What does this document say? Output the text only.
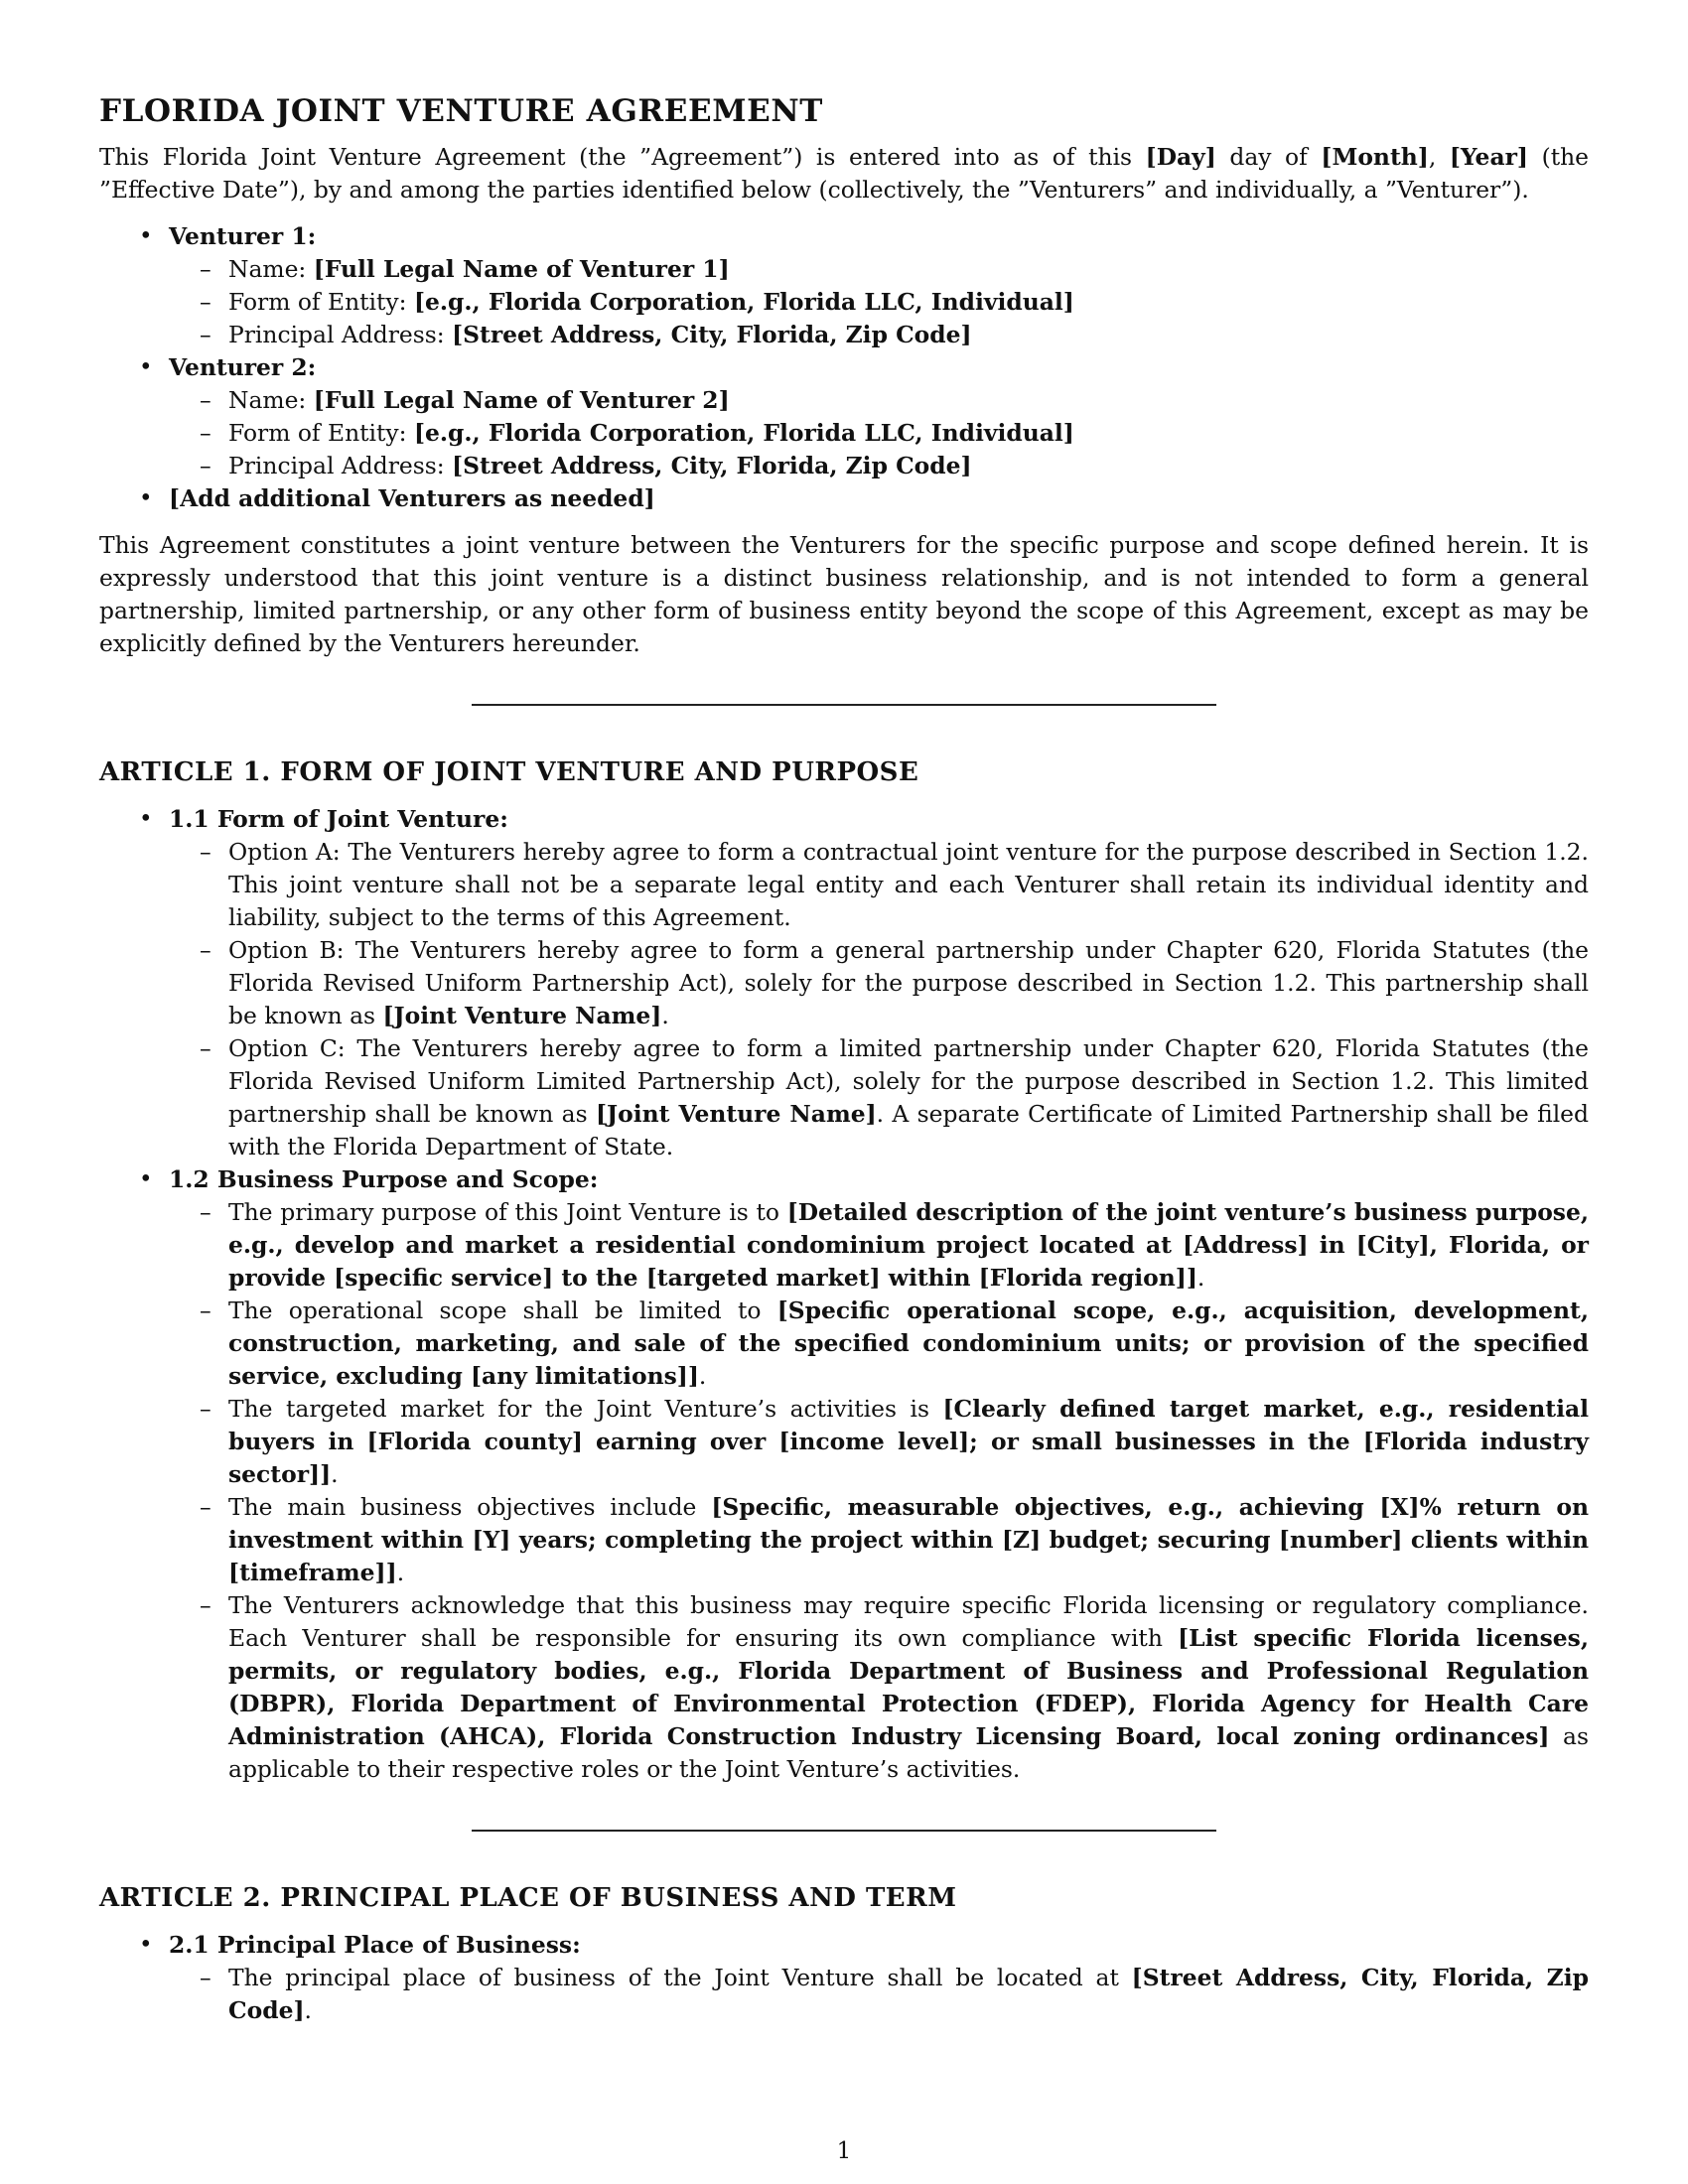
FLORIDA JOINT VENTURE AGREEMENT

This Florida Joint Venture Agreement (the ”Agreement”) is entered into as of this [Day] day of [Month], [Year] (the ”Effective Date”), by and among the parties identified below (collectively, the ”Venturers” and individually, a ”Venturer”).

• Venturer 1:
– Name: [Full Legal Name of Venturer 1]
– Form of Entity: [e.g., Florida Corporation, Florida LLC, Individual]
– Principal Address: [Street Address, City, Florida, Zip Code]
• Venturer 2:
– Name: [Full Legal Name of Venturer 2]
– Form of Entity: [e.g., Florida Corporation, Florida LLC, Individual]
– Principal Address: [Street Address, City, Florida, Zip Code]
• [Add additional Venturers as needed]

This Agreement constitutes a joint venture between the Venturers for the specific purpose and scope defined herein. It is expressly understood that this joint venture is a distinct business relationship, and is not intended to form a general partnership, limited partnership, or any other form of business entity beyond the scope of this Agreement, except as may be explicitly defined by the Venturers hereunder.

ARTICLE 1. FORM OF JOINT VENTURE AND PURPOSE
• 1.1 Form of Joint Venture:
– Option A: The Venturers hereby agree to form a contractual joint venture for the purpose described in Section 1.2. This joint venture shall not be a separate legal entity and each Venturer shall retain its individual identity and liability, subject to the terms of this Agreement.
– Option B: The Venturers hereby agree to form a general partnership under Chapter 620, Florida Statutes (the Florida Revised Uniform Partnership Act), solely for the purpose described in Section 1.2. This partnership shall be known as [Joint Venture Name].
– Option C: The Venturers hereby agree to form a limited partnership under Chapter 620, Florida Statutes (the Florida Revised Uniform Limited Partnership Act), solely for the purpose described in Section 1.2. This limited partnership shall be known as [Joint Venture Name]. A separate Certificate of Limited Partnership shall be filed with the Florida Department of State.
• 1.2 Business Purpose and Scope:
– The primary purpose of this Joint Venture is to [Detailed description of the joint venture’s business purpose, e.g., develop and market a residential condominium project located at [Address] in [City], Florida, or provide [specific service] to the [targeted market] within [Florida region]].
– The operational scope shall be limited to [Specific operational scope, e.g., acquisition, development, construction, marketing, and sale of the specified condominium units; or provision of the specified service, excluding [any limitations]].
– The targeted market for the Joint Venture’s activities is [Clearly defined target market, e.g., residential buyers in [Florida county] earning over [income level]; or small businesses in the [Florida industry sector]].
– The main business objectives include [Specific, measurable objectives, e.g., achieving [X]% return on investment within [Y] years; completing the project within [Z] budget; securing [number] clients within [timeframe]].
– The Venturers acknowledge that this business may require specific Florida licensing or regulatory compliance. Each Venturer shall be responsible for ensuring its own compliance with [List specific Florida licenses, permits, or regulatory bodies, e.g., Florida Department of Business and Professional Regulation (DBPR), Florida Department of Environmental Protection (FDEP), Florida Agency for Health Care Administration (AHCA), Florida Construction Industry Licensing Board, local zoning ordinances] as applicable to their respective roles or the Joint Venture’s activities.
ARTICLE 2. PRINCIPAL PLACE OF BUSINESS AND TERM
• 2.1 Principal Place of Business:
– The principal place of business of the Joint Venture shall be located at [Street Address, City, Florida, Zip Code].
1
